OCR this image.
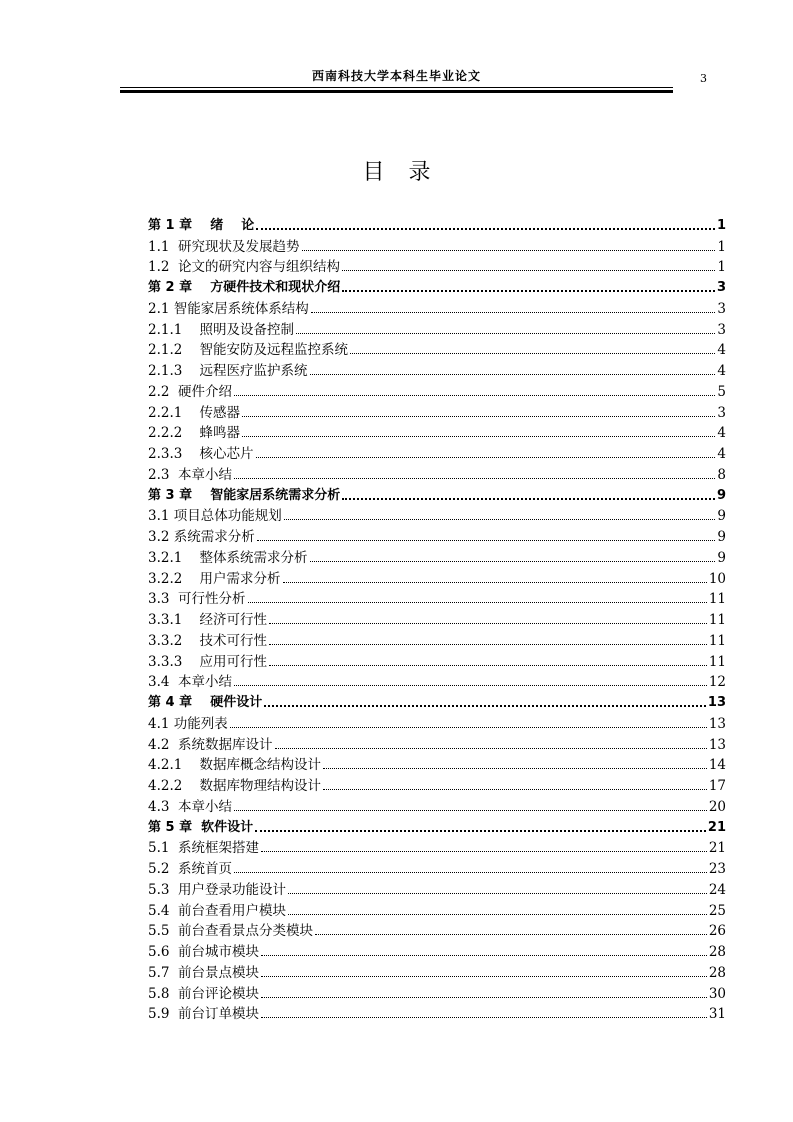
西南科技大学本科生毕业论文	3
目录
第 1 章    绪    论	1
1.1  研究现状及发展趋势	1
1.2  论文的研究内容与组织结构	1
第 2 章    方硬件技术和现状介绍	3
2.1 智能家居系统体系结构	3
2.1.1    照明及设备控制	3
2.1.2    智能安防及远程监控系统	4
2.1.3    远程医疗监护系统	4
2.2  硬件介绍	5
2.2.1    传感器	3
2.2.2    蜂鸣器	4
2.3.3    核心芯片	4
2.3  本章小结	8
第 3 章    智能家居系统需求分析	9
3.1 项目总体功能规划	9
3.2 系统需求分析	9
3.2.1    整体系统需求分析	9
3.2.2    用户需求分析	10
3.3  可行性分析	11
3.3.1    经济可行性	11
3.3.2    技术可行性	11
3.3.3    应用可行性	11
3.4  本章小结	12
第 4 章    硬件设计	13
4.1 功能列表	13
4.2  系统数据库设计	13
4.2.1    数据库概念结构设计	14
4.2.2    数据库物理结构设计	17
4.3  本章小结	20
第 5 章  软件设计	21
5.1  系统框架搭建	21
5.2  系统首页	23
5.3  用户登录功能设计	24
5.4  前台查看用户模块	25
5.5  前台查看景点分类模块	26
5.6  前台城市模块	28
5.7  前台景点模块	28
5.8  前台评论模块	30
5.9  前台订单模块	31
